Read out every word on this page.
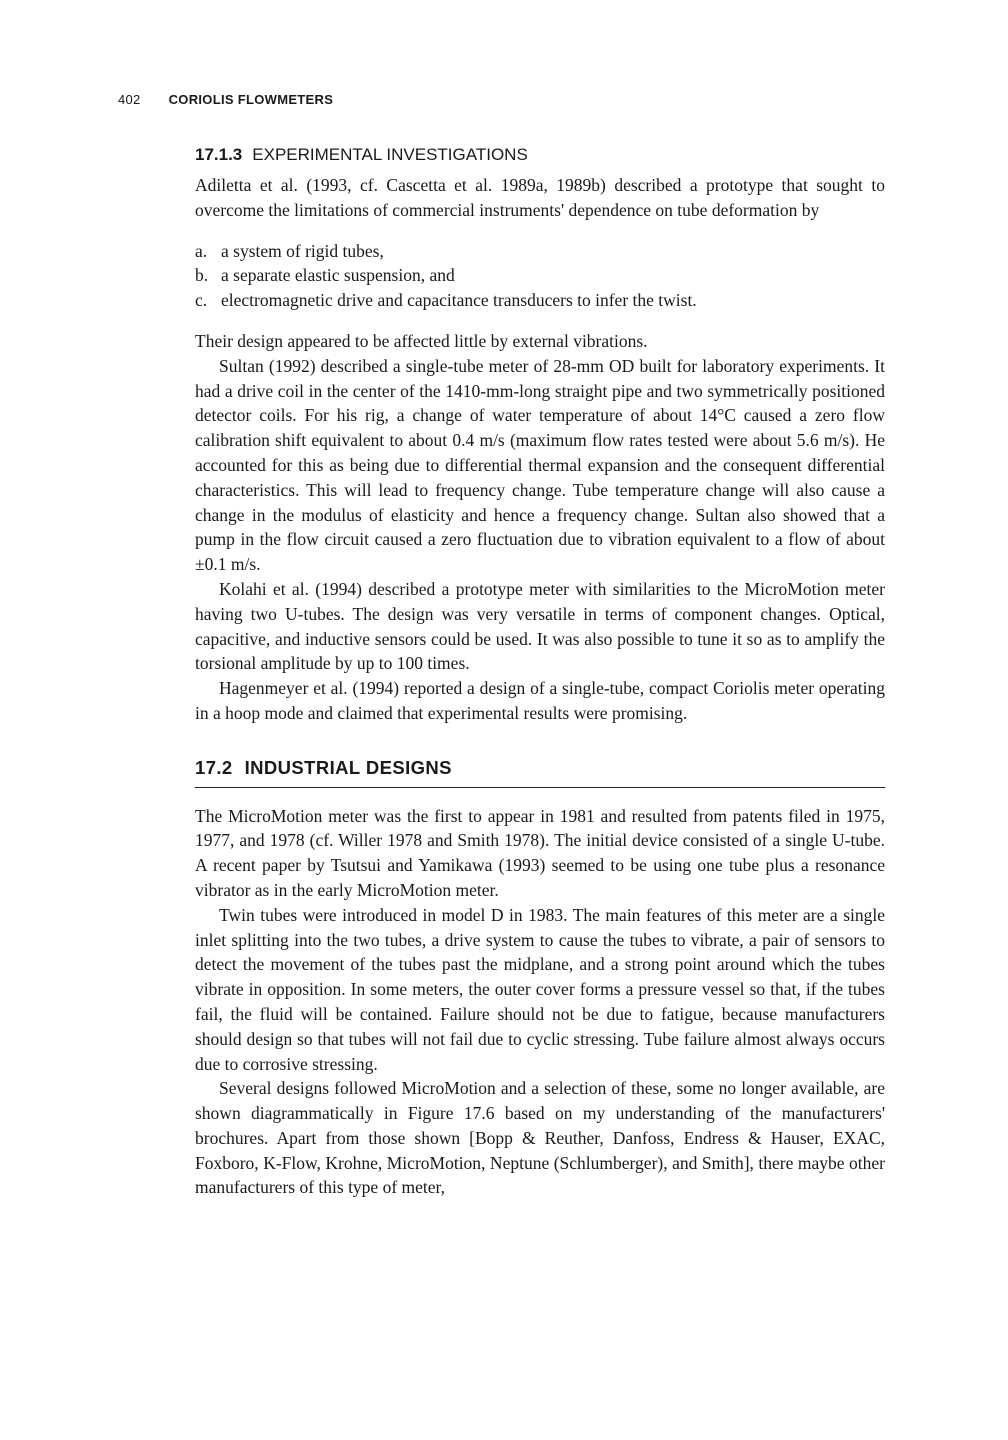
402 CORIOLIS FLOWMETERS
17.1.3 EXPERIMENTAL INVESTIGATIONS

Adiletta et al. (1993, cf. Cascetta et al. 1989a, 1989b) described a prototype that sought to overcome the limitations of commercial instruments' dependence on tube deformation by

a. a system of rigid tubes,
b. a separate elastic suspension, and
c. electromagnetic drive and capacitance transducers to infer the twist.

Their design appeared to be affected little by external vibrations.

Sultan (1992) described a single-tube meter of 28-mm OD built for laboratory experiments. It had a drive coil in the center of the 1410-mm-long straight pipe and two symmetrically positioned detector coils. For his rig, a change of water temperature of about 14°C caused a zero flow calibration shift equivalent to about 0.4 m/s (maximum flow rates tested were about 5.6 m/s). He accounted for this as being due to differential thermal expansion and the consequent differential characteristics. This will lead to frequency change. Tube temperature change will also cause a change in the modulus of elasticity and hence a frequency change. Sultan also showed that a pump in the flow circuit caused a zero fluctuation due to vibration equivalent to a flow of about ±0.1 m/s.

Kolahi et al. (1994) described a prototype meter with similarities to the MicroMotion meter having two U-tubes. The design was very versatile in terms of component changes. Optical, capacitive, and inductive sensors could be used. It was also possible to tune it so as to amplify the torsional amplitude by up to 100 times.

Hagenmeyer et al. (1994) reported a design of a single-tube, compact Coriolis meter operating in a hoop mode and claimed that experimental results were promising.

17.2 INDUSTRIAL DESIGNS

The MicroMotion meter was the first to appear in 1981 and resulted from patents filed in 1975, 1977, and 1978 (cf. Willer 1978 and Smith 1978). The initial device consisted of a single U-tube. A recent paper by Tsutsui and Yamikawa (1993) seemed to be using one tube plus a resonance vibrator as in the early MicroMotion meter.

Twin tubes were introduced in model D in 1983. The main features of this meter are a single inlet splitting into the two tubes, a drive system to cause the tubes to vibrate, a pair of sensors to detect the movement of the tubes past the midplane, and a strong point around which the tubes vibrate in opposition. In some meters, the outer cover forms a pressure vessel so that, if the tubes fail, the fluid will be contained. Failure should not be due to fatigue, because manufacturers should design so that tubes will not fail due to cyclic stressing. Tube failure almost always occurs due to corrosive stressing.

Several designs followed MicroMotion and a selection of these, some no longer available, are shown diagrammatically in Figure 17.6 based on my understanding of the manufacturers' brochures. Apart from those shown [Bopp & Reuther, Danfoss, Endress & Hauser, EXAC, Foxboro, K-Flow, Krohne, MicroMotion, Neptune (Schlumberger), and Smith], there maybe other manufacturers of this type of meter,
